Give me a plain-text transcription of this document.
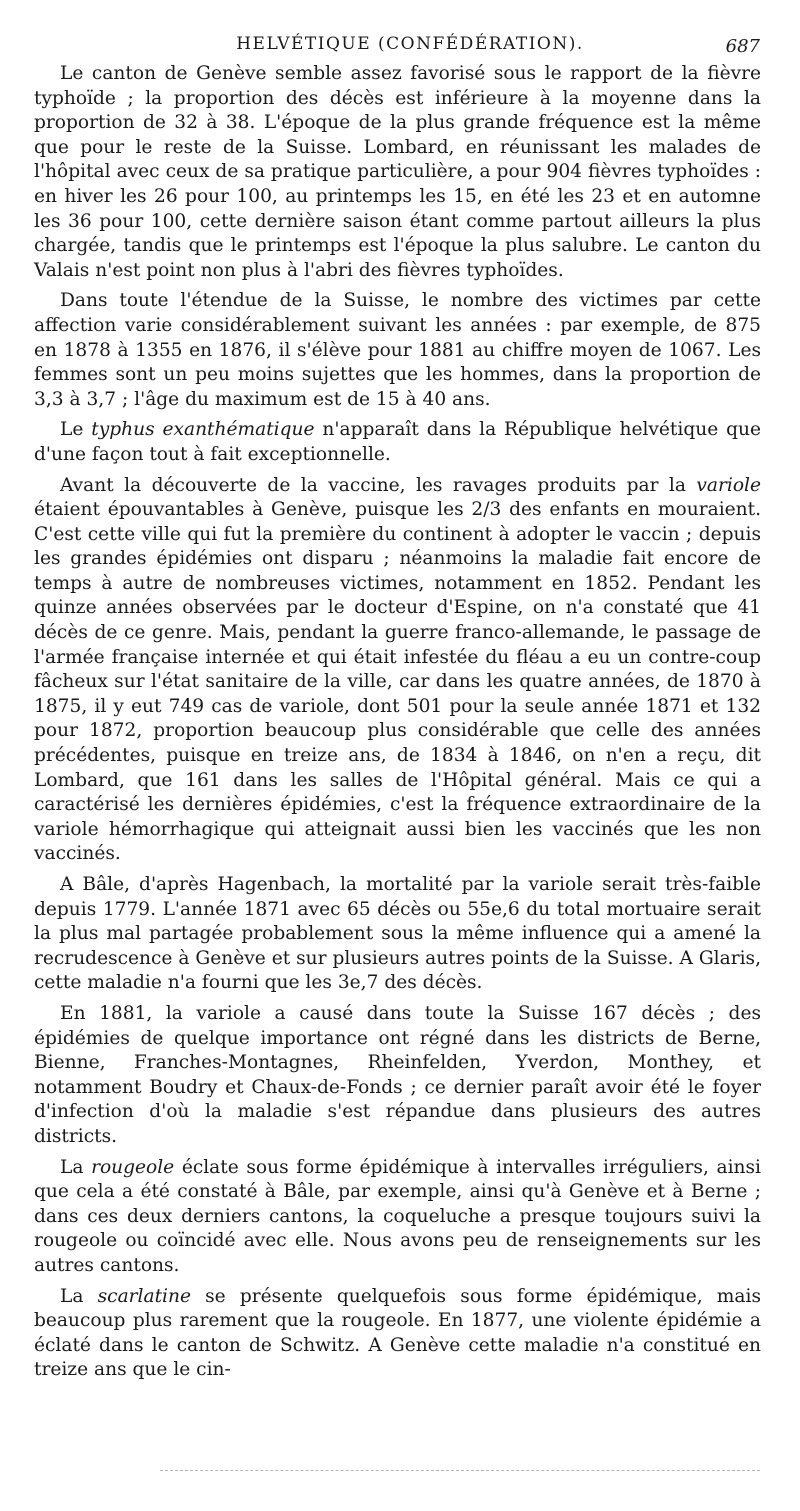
HELVÉTIQUE (CONFÉDÉRATION).	687

Le canton de Genève semble assez favorisé sous le rapport de la fièvre typhoïde ; la proportion des décès est inférieure à la moyenne dans la proportion de 32 à 38. L'époque de la plus grande fréquence est la même que pour le reste de la Suisse. Lombard, en réunissant les malades de l'hôpital avec ceux de sa pratique particulière, a pour 904 fièvres typhoïdes : en hiver les 26 pour 100, au printemps les 15, en été les 23 et en automne les 36 pour 100, cette dernière saison étant comme partout ailleurs la plus chargée, tandis que le printemps est l'époque la plus salubre. Le canton du Valais n'est point non plus à l'abri des fièvres typhoïdes.

Dans toute l'étendue de la Suisse, le nombre des victimes par cette affection varie considérablement suivant les années : par exemple, de 875 en 1878 à 1355 en 1876, il s'élève pour 1881 au chiffre moyen de 1067. Les femmes sont un peu moins sujettes que les hommes, dans la proportion de 3,3 à 3,7 ; l'âge du maximum est de 15 à 40 ans.

Le typhus exanthématique n'apparaît dans la République helvétique que d'une façon tout à fait exceptionnelle.

Avant la découverte de la vaccine, les ravages produits par la variole étaient épouvantables à Genève, puisque les 2/3 des enfants en mouraient. C'est cette ville qui fut la première du continent à adopter le vaccin ; depuis les grandes épidémies ont disparu ; néanmoins la maladie fait encore de temps à autre de nombreuses victimes, notamment en 1852. Pendant les quinze années observées par le docteur d'Espine, on n'a constaté que 41 décès de ce genre. Mais, pendant la guerre franco-allemande, le passage de l'armée française internée et qui était infestée du fléau a eu un contre-coup fâcheux sur l'état sanitaire de la ville, car dans les quatre années, de 1870 à 1875, il y eut 749 cas de variole, dont 501 pour la seule année 1871 et 132 pour 1872, proportion beaucoup plus considérable que celle des années précédentes, puisque en treize ans, de 1834 à 1846, on n'en a reçu, dit Lombard, que 161 dans les salles de l'Hôpital général. Mais ce qui a caractérisé les dernières épidémies, c'est la fréquence extraordinaire de la variole hémorrhagique qui atteignait aussi bien les vaccinés que les non vaccinés.

A Bâle, d'après Hagenbach, la mortalité par la variole serait très-faible depuis 1779. L'année 1871 avec 65 décès ou 55e,6 du total mortuaire serait la plus mal partagée probablement sous la même influence qui a amené la recrudescence à Genève et sur plusieurs autres points de la Suisse. A Glaris, cette maladie n'a fourni que les 3e,7 des décès.

En 1881, la variole a causé dans toute la Suisse 167 décès ; des épidémies de quelque importance ont régné dans les districts de Berne, Bienne, Franches-Montagnes, Rheinfelden, Yverdon, Monthey, et notamment Boudry et Chaux-de-Fonds ; ce dernier paraît avoir été le foyer d'infection d'où la maladie s'est répandue dans plusieurs des autres districts.

La rougeole éclate sous forme épidémique à intervalles irréguliers, ainsi que cela a été constaté à Bâle, par exemple, ainsi qu'à Genève et à Berne ; dans ces deux derniers cantons, la coqueluche a presque toujours suivi la rougeole ou coïncidé avec elle. Nous avons peu de renseignements sur les autres cantons.

La scarlatine se présente quelquefois sous forme épidémique, mais beaucoup plus rarement que la rougeole. En 1877, une violente épidémie a éclaté dans le canton de Schwitz. A Genève cette maladie n'a constitué en treize ans que le cin-
